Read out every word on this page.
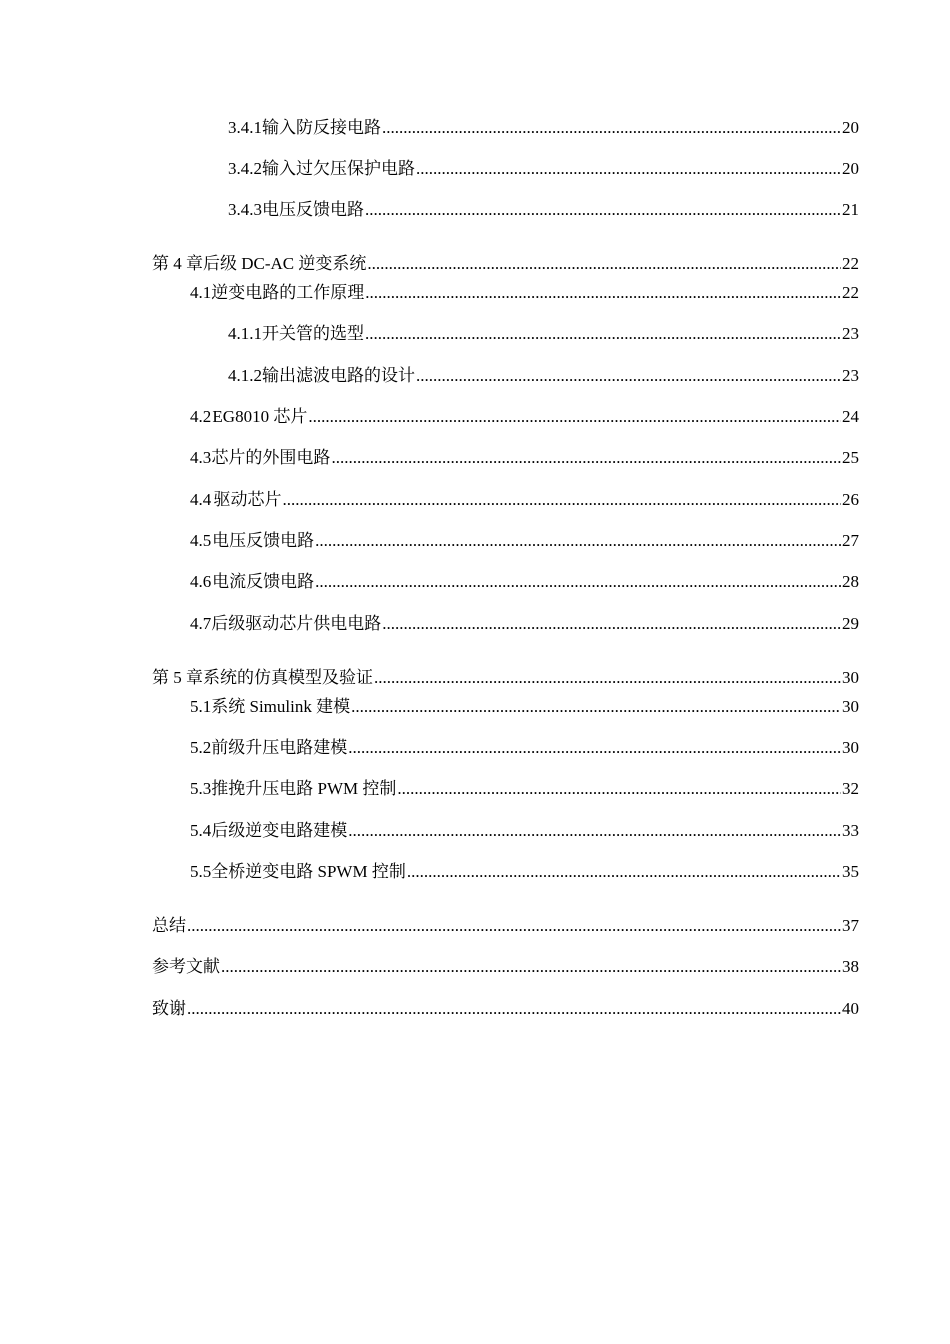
3.4.1 输入防反接电路 .....	20
3.4.2 输入过欠压保护电路 .....	20
3.4.3 电压反馈电路 .....	21
第 4 章 后级 DC-AC 逆变系统 .....	22
4.1 逆变电路的工作原理 .....	22
4.1.1 开关管的选型 .....	23
4.1.2 输出滤波电路的设计 .....	23
4.2 EG8010 芯片 .....	24
4.3 芯片的外围电路 .....	25
4.4 驱动芯片 .....	26
4.5 电压反馈电路 .....	27
4.6 电流反馈电路 .....	28
4.7 后级驱动芯片供电电路 .....	29
第 5 章 系统的仿真模型及验证 .....	30
5.1 系统 Simulink 建模 .....	30
5.2 前级升压电路建模 .....	30
5.3 推挽升压电路 PWM 控制 .....	32
5.4 后级逆变电路建模 .....	33
5.5 全桥逆变电路 SPWM 控制 .....	35
总结 .....	37
参考文献 .....	38
致谢 .....	40
